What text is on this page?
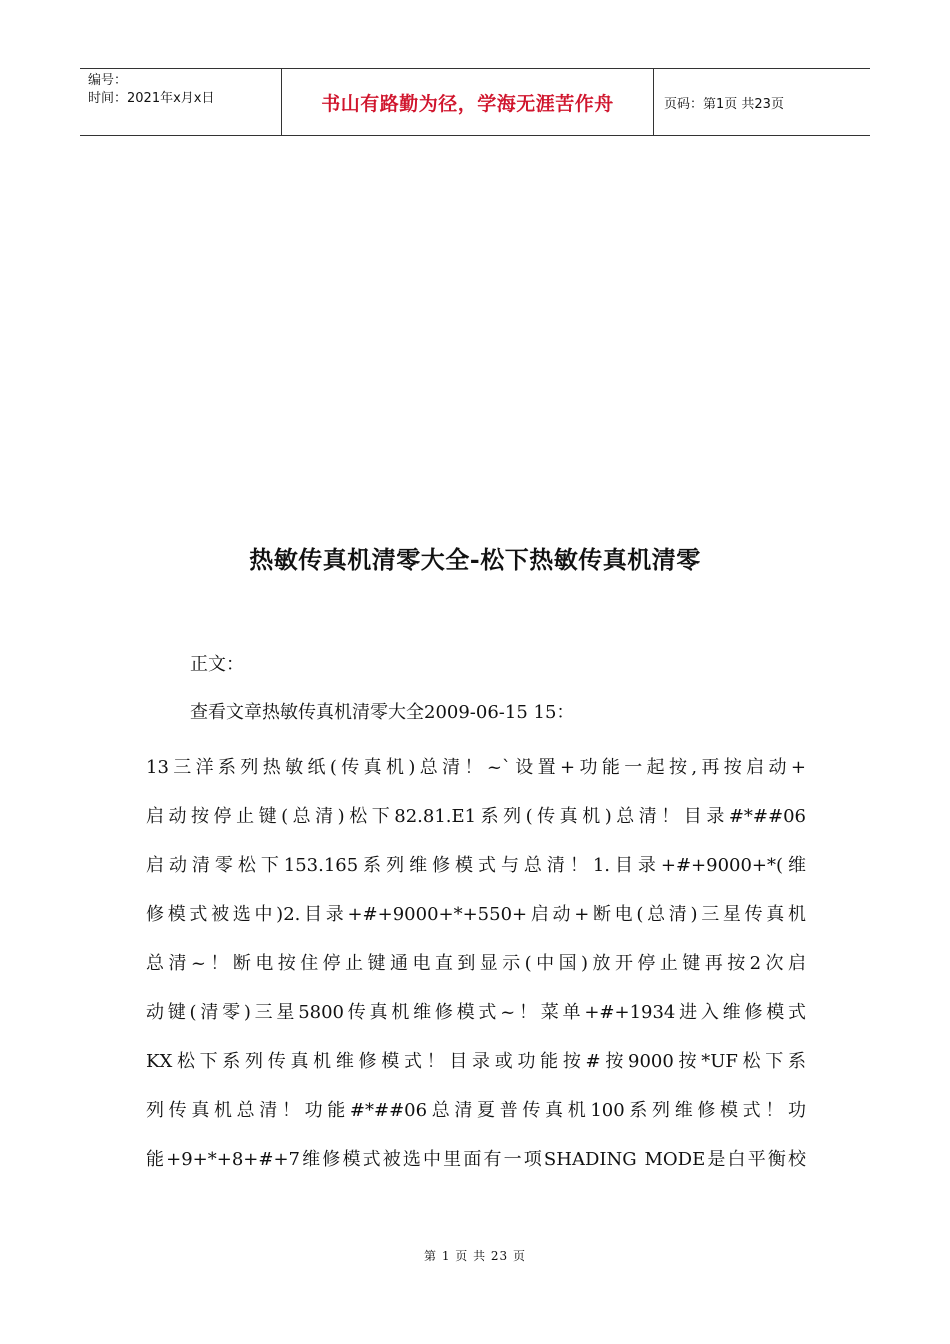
编号：
时间：2021年x月x日	书山有路勤为径，学海无涯苦作舟	页码：第1页 共23页
热敏传真机清零大全-松下热敏传真机清零
正文：
查看文章热敏传真机清零大全2009-06-15 15：
13三洋系列热敏纸(传真机)总清！~`设置+功能一起按,再按启动+
启动按停止键(总清)松下82.81.E1系列(传真机)总清！目录#*##06
启动清零松下153.165系列维修模式与总清！1.目录+#+9000+*(维
修模式被选中)2.目录+#+9000+*+550+启动+断电(总清)三星传真机
总清~！断电按住停止键通电直到显示(中国)放开停止键再按2次启
动键(清零)三星5800传真机维修模式~！菜单+#+1934进入维修模式
KX松下系列传真机维修模式！目录或功能按#按9000按*UF松下系
列传真机总清！功能#*##06总清夏普传真机100系列维修模式！功
能+9+*+8+#+7维修模式被选中里面有一项SHADING MODE是白平衡校
第 1 页 共 23 页
